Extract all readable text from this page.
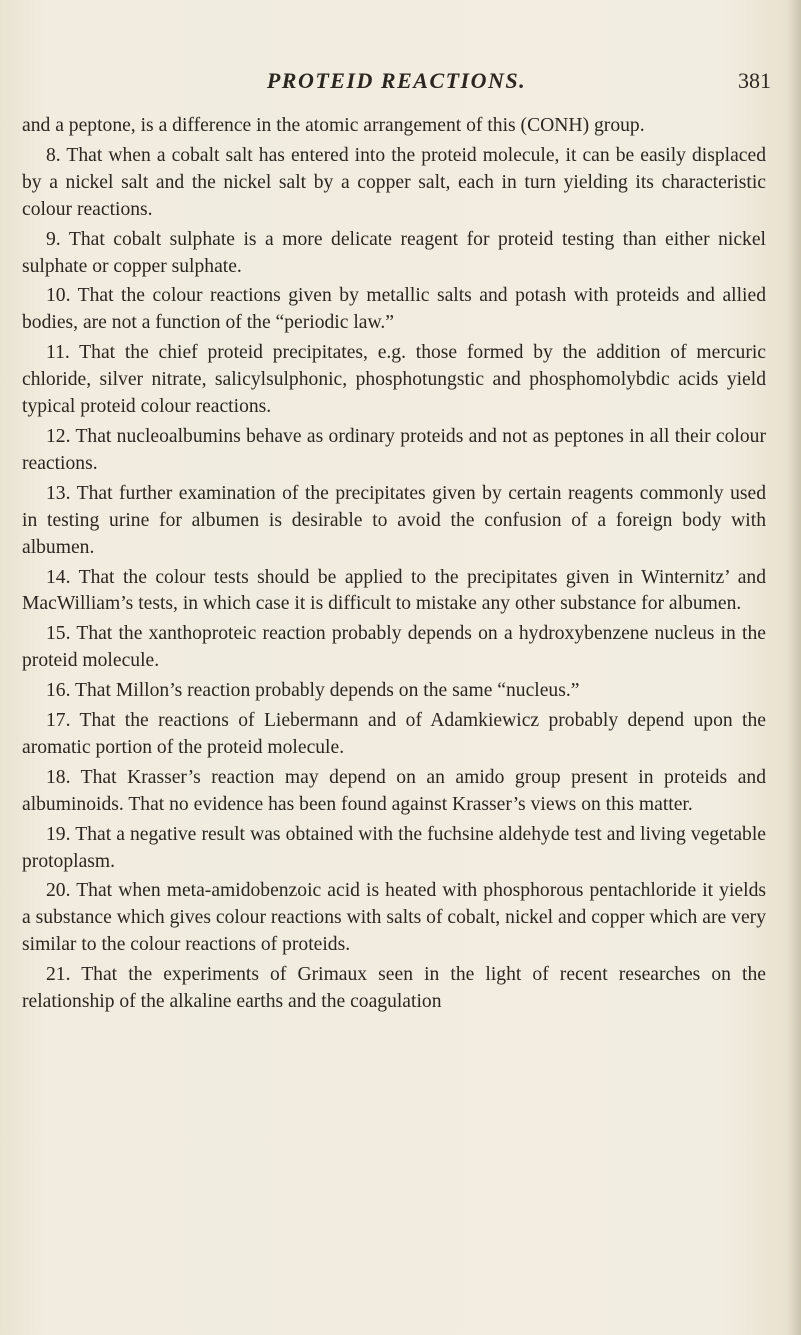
PROTEID REACTIONS.	381

and a peptone, is a difference in the atomic arrangement of this (CONH) group.

8. That when a cobalt salt has entered into the proteid molecule, it can be easily displaced by a nickel salt and the nickel salt by a copper salt, each in turn yielding its characteristic colour reactions.

9. That cobalt sulphate is a more delicate reagent for proteid testing than either nickel sulphate or copper sulphate.

10. That the colour reactions given by metallic salts and potash with proteids and allied bodies, are not a function of the “periodic law.”

11. That the chief proteid precipitates, e.g. those formed by the addition of mercuric chloride, silver nitrate, salicylsulphonic, phosphotungstic and phosphomolybdic acids yield typical proteid colour reactions.

12. That nucleoalbumins behave as ordinary proteids and not as peptones in all their colour reactions.

13. That further examination of the precipitates given by certain reagents commonly used in testing urine for albumen is desirable to avoid the confusion of a foreign body with albumen.

14. That the colour tests should be applied to the precipitates given in Winternitz’ and MacWilliam’s tests, in which case it is difficult to mistake any other substance for albumen.

15. That the xanthoproteic reaction probably depends on a hydroxybenzene nucleus in the proteid molecule.

16. That Millon’s reaction probably depends on the same “nucleus.”

17. That the reactions of Liebermann and of Adamkiewicz probably depend upon the aromatic portion of the proteid molecule.

18. That Krasser’s reaction may depend on an amido group present in proteids and albuminoids. That no evidence has been found against Krasser’s views on this matter.

19. That a negative result was obtained with the fuchsine aldehyde test and living vegetable protoplasm.

20. That when meta-amidobenzoic acid is heated with phosphorous pentachloride it yields a substance which gives colour reactions with salts of cobalt, nickel and copper which are very similar to the colour reactions of proteids.

21. That the experiments of Grimaux seen in the light of recent researches on the relationship of the alkaline earths and the coagulation
